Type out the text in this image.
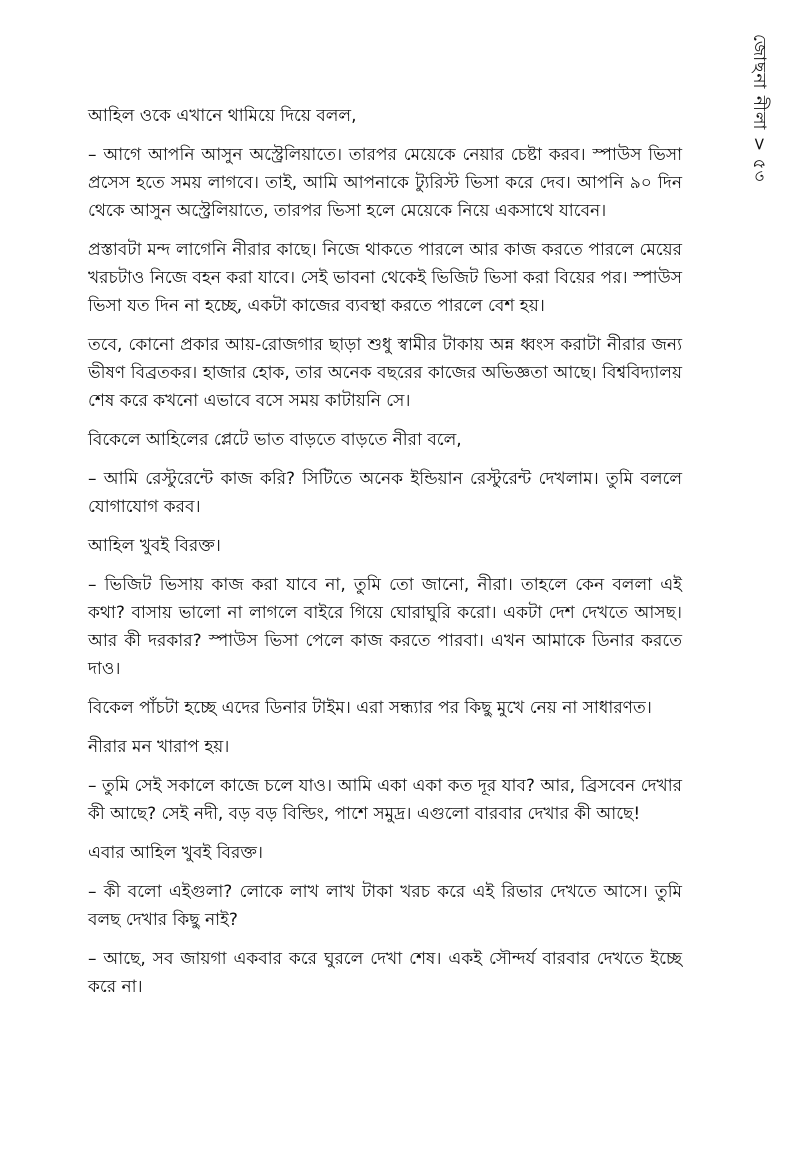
জোছনা নীলা > ৫৩

আহিল ওকে এখানে থামিয়ে দিয়ে বলল,

– আগে আপনি আসুন অস্ট্রেলিয়াতে। তারপর মেয়েকে নেয়ার চেষ্টা করব। স্পাউস ভিসা প্রসেস হতে সময় লাগবে। তাই, আমি আপনাকে ট্যুরিস্ট ভিসা করে দেব। আপনি ৯০ দিন থেকে আসুন অস্ট্রেলিয়াতে, তারপর ভিসা হলে মেয়েকে নিয়ে একসাথে যাবেন।

প্রস্তাবটা মন্দ লাগেনি নীরার কাছে। নিজে থাকতে পারলে আর কাজ করতে পারলে মেয়ের খরচটাও নিজে বহন করা যাবে। সেই ভাবনা থেকেই ভিজিট ভিসা করা বিয়ের পর। স্পাউস ভিসা যত দিন না হচ্ছে, একটা কাজের ব্যবস্থা করতে পারলে বেশ হয়।

তবে, কোনো প্রকার আয়-রোজগার ছাড়া শুধু স্বামীর টাকায় অন্ন ধ্বংস করাটা নীরার জন্য ভীষণ বিব্রতকর। হাজার হোক, তার অনেক বছরের কাজের অভিজ্ঞতা আছে। বিশ্ববিদ্যালয় শেষ করে কখনো এভাবে বসে সময় কাটায়নি সে।

বিকেলে আহিলের প্লেটে ভাত বাড়তে বাড়তে নীরা বলে,

– আমি রেস্টুরেন্টে কাজ করি? সিটিতে অনেক ইন্ডিয়ান রেস্টুরেন্ট দেখলাম। তুমি বললে যোগাযোগ করব।

আহিল খুবই বিরক্ত।

– ভিজিট ভিসায় কাজ করা যাবে না, তুমি তো জানো, নীরা। তাহলে কেন বললা এই কথা? বাসায় ভালো না লাগলে বাইরে গিয়ে ঘোরাঘুরি করো। একটা দেশ দেখতে আসছ। আর কী দরকার? স্পাউস ভিসা পেলে কাজ করতে পারবা। এখন আমাকে ডিনার করতে দাও।

বিকেল পাঁচটা হচ্ছে এদের ডিনার টাইম। এরা সন্ধ্যার পর কিছু মুখে নেয় না সাধারণত।

নীরার মন খারাপ হয়।

– তুমি সেই সকালে কাজে চলে যাও। আমি একা একা কত দূর যাব? আর, ব্রিসবেন দেখার কী আছে? সেই নদী, বড় বড় বিল্ডিং, পাশে সমুদ্র। এগুলো বারবার দেখার কী আছে!

এবার আহিল খুবই বিরক্ত।

– কী বলো এইগুলা? লোকে লাখ লাখ টাকা খরচ করে এই রিভার দেখতে আসে। তুমি বলছ দেখার কিছু নাই?

– আছে, সব জায়গা একবার করে ঘুরলে দেখা শেষ। একই সৌন্দর্য বারবার দেখতে ইচ্ছে করে না।
